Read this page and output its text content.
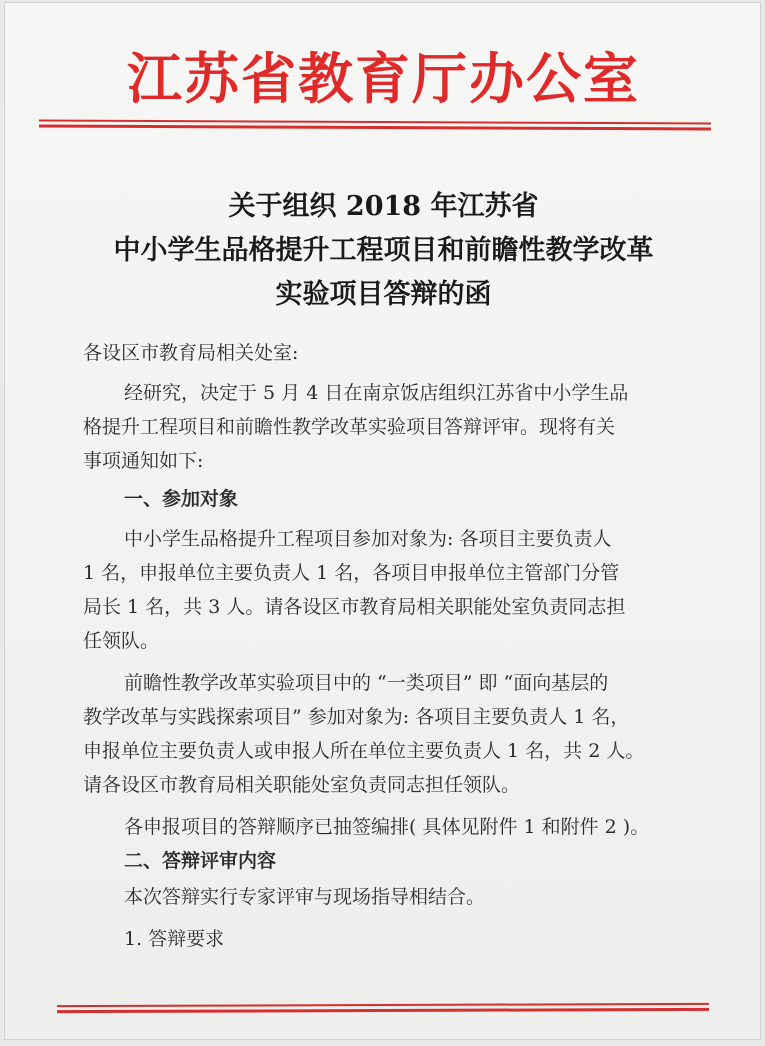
江苏省教育厅办公室
关于组织 2018 年江苏省
中小学生品格提升工程项目和前瞻性教学改革
实验项目答辩的函
各设区市教育局相关处室:
经研究，决定于 5 月 4 日在南京饭店组织江苏省中小学生品
格提升工程项目和前瞻性教学改革实验项目答辩评审。现将有关
事项通知如下:
一、参加对象
中小学生品格提升工程项目参加对象为: 各项目主要负责人
1 名，申报单位主要负责人 1 名，各项目申报单位主管部门分管
局长 1 名，共 3 人。请各设区市教育局相关职能处室负责同志担
任领队。
前瞻性教学改革实验项目中的 “一类项目” 即 “面向基层的
教学改革与实践探索项目” 参加对象为: 各项目主要负责人 1 名，
申报单位主要负责人或申报人所在单位主要负责人 1 名，共 2 人。
请各设区市教育局相关职能处室负责同志担任领队。
各申报项目的答辩顺序已抽签编排( 具体见附件 1 和附件 2 )。
二、答辩评审内容
本次答辩实行专家评审与现场指导相结合。
1. 答辩要求
